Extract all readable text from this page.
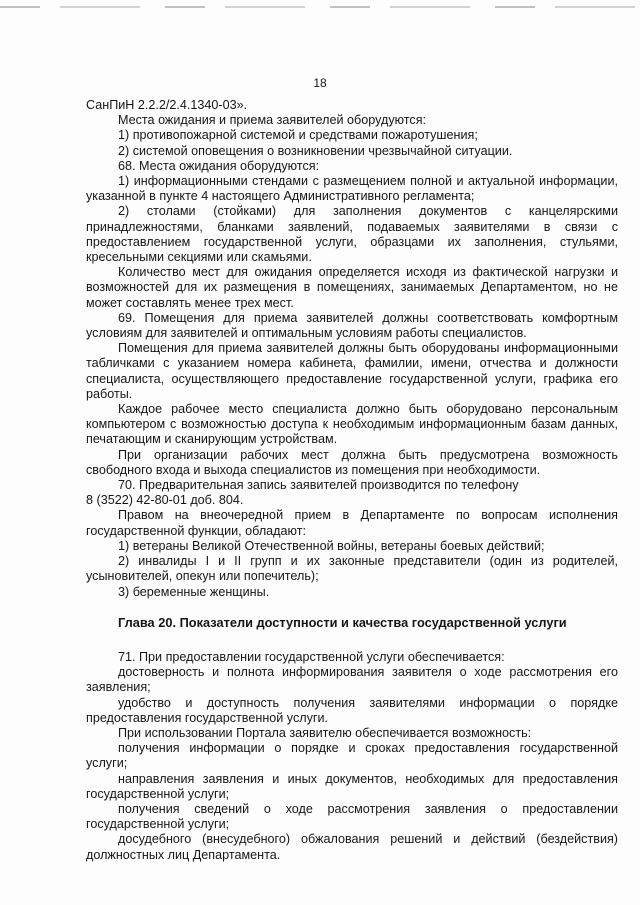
18

СанПиН 2.2.2/2.4.1340-03».

Места ожидания и приема заявителей оборудуются:

1) противопожарной системой и средствами пожаротушения;

2) системой оповещения о возникновении чрезвычайной ситуации.

68. Места ожидания оборудуются:

1) информационными стендами с размещением полной и актуальной информации, указанной в пункте 4 настоящего Административного регламента;

2) столами (стойками) для заполнения документов с канцелярскими принадлежностями, бланками заявлений, подаваемых заявителями в связи с предоставлением государственной услуги, образцами их заполнения, стульями, кресельными секциями или скамьями.

Количество мест для ожидания определяется исходя из фактической нагрузки и возможностей для их размещения в помещениях, занимаемых Департаментом, но не может составлять менее трех мест.

69. Помещения для приема заявителей должны соответствовать комфортным условиям для заявителей и оптимальным условиям работы специалистов.

Помещения для приема заявителей должны быть оборудованы информационными табличками с указанием номера кабинета, фамилии, имени, отчества и должности специалиста, осуществляющего предоставление государственной услуги, графика его работы.

Каждое рабочее место специалиста должно быть оборудовано персональным компьютером с возможностью доступа к необходимым информационным базам данных, печатающим и сканирующим устройствам.

При организации рабочих мест должна быть предусмотрена возможность свободного входа и выхода специалистов из помещения при необходимости.

70. Предварительная запись заявителей производится по телефону

8 (3522) 42-80-01 доб. 804.

Правом на внеочередной прием в Департаменте по вопросам исполнения государственной функции, обладают:

1) ветераны Великой Отечественной войны, ветераны боевых действий;

2) инвалиды I и II групп и их законные представители (один из родителей, усыновителей, опекун или попечитель);

3) беременные женщины.

Глава 20. Показатели доступности и качества государственной услуги

71. При предоставлении государственной услуги обеспечивается:

достоверность и полнота информирования заявителя о ходе рассмотрения его заявления;

удобство и доступность получения заявителями информации о порядке предоставления государственной услуги.

При использовании Портала заявителю обеспечивается возможность:

получения информации о порядке и сроках предоставления государственной услуги;

направления заявления и иных документов, необходимых для предоставления государственной услуги;

получения сведений о ходе рассмотрения заявления о предоставлении государственной услуги;

досудебного (внесудебного) обжалования решений и действий (бездействия) должностных лиц Департамента.
